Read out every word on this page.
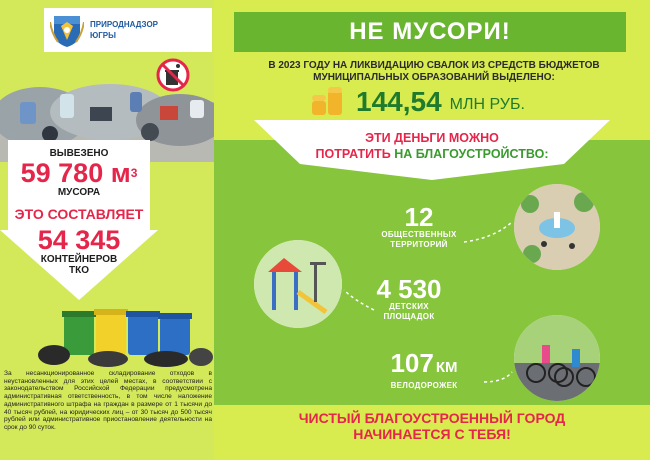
ПРИРОДНАДЗОР
ЮГРЫ
ВЫВЕЗЕНО
59 780 $м^3$
МУСОРА
ЭТО СОСТАВЛЯЕТ
54 345
КОНТЕЙНЕРОВ
ТКО
За несанкционированное складирование отходов в неустановленных для этих целей местах, в соответствии с законодательством Российской Федерации предусмотрена административная ответственность, в том числе наложение административного штрафа на граждан в размере от 1 тысячи до 40 тысяч рублей, на юридических лиц – от 30 тысяч до 500 тысяч рублей или административное приостановление деятельности на срок до 90 суток.
НЕ МУСОРИ!
В 2023 ГОДУ НА ЛИКВИДАЦИЮ СВАЛОК ИЗ СРЕДСТВ БЮДЖЕТОВ
МУНИЦИПАЛЬНЫХ ОБРАЗОВАНИЙ ВЫДЕЛЕНО:
144,54 МЛН РУБ.
ЭТИ ДЕНЬГИ МОЖНО
ПОТРАТИТЬ НА БЛАГОУСТРОЙСТВО:
12
ОБЩЕСТВЕННЫХ
ТЕРРИТОРИЙ
4 530
ДЕТСКИХ
ПЛОЩАДОК
107 КМ
ВЕЛОДОРОЖЕК
ЧИСТЫЙ БЛАГОУСТРОЕННЫЙ ГОРОД
НАЧИНАЕТСЯ С ТЕБЯ!
